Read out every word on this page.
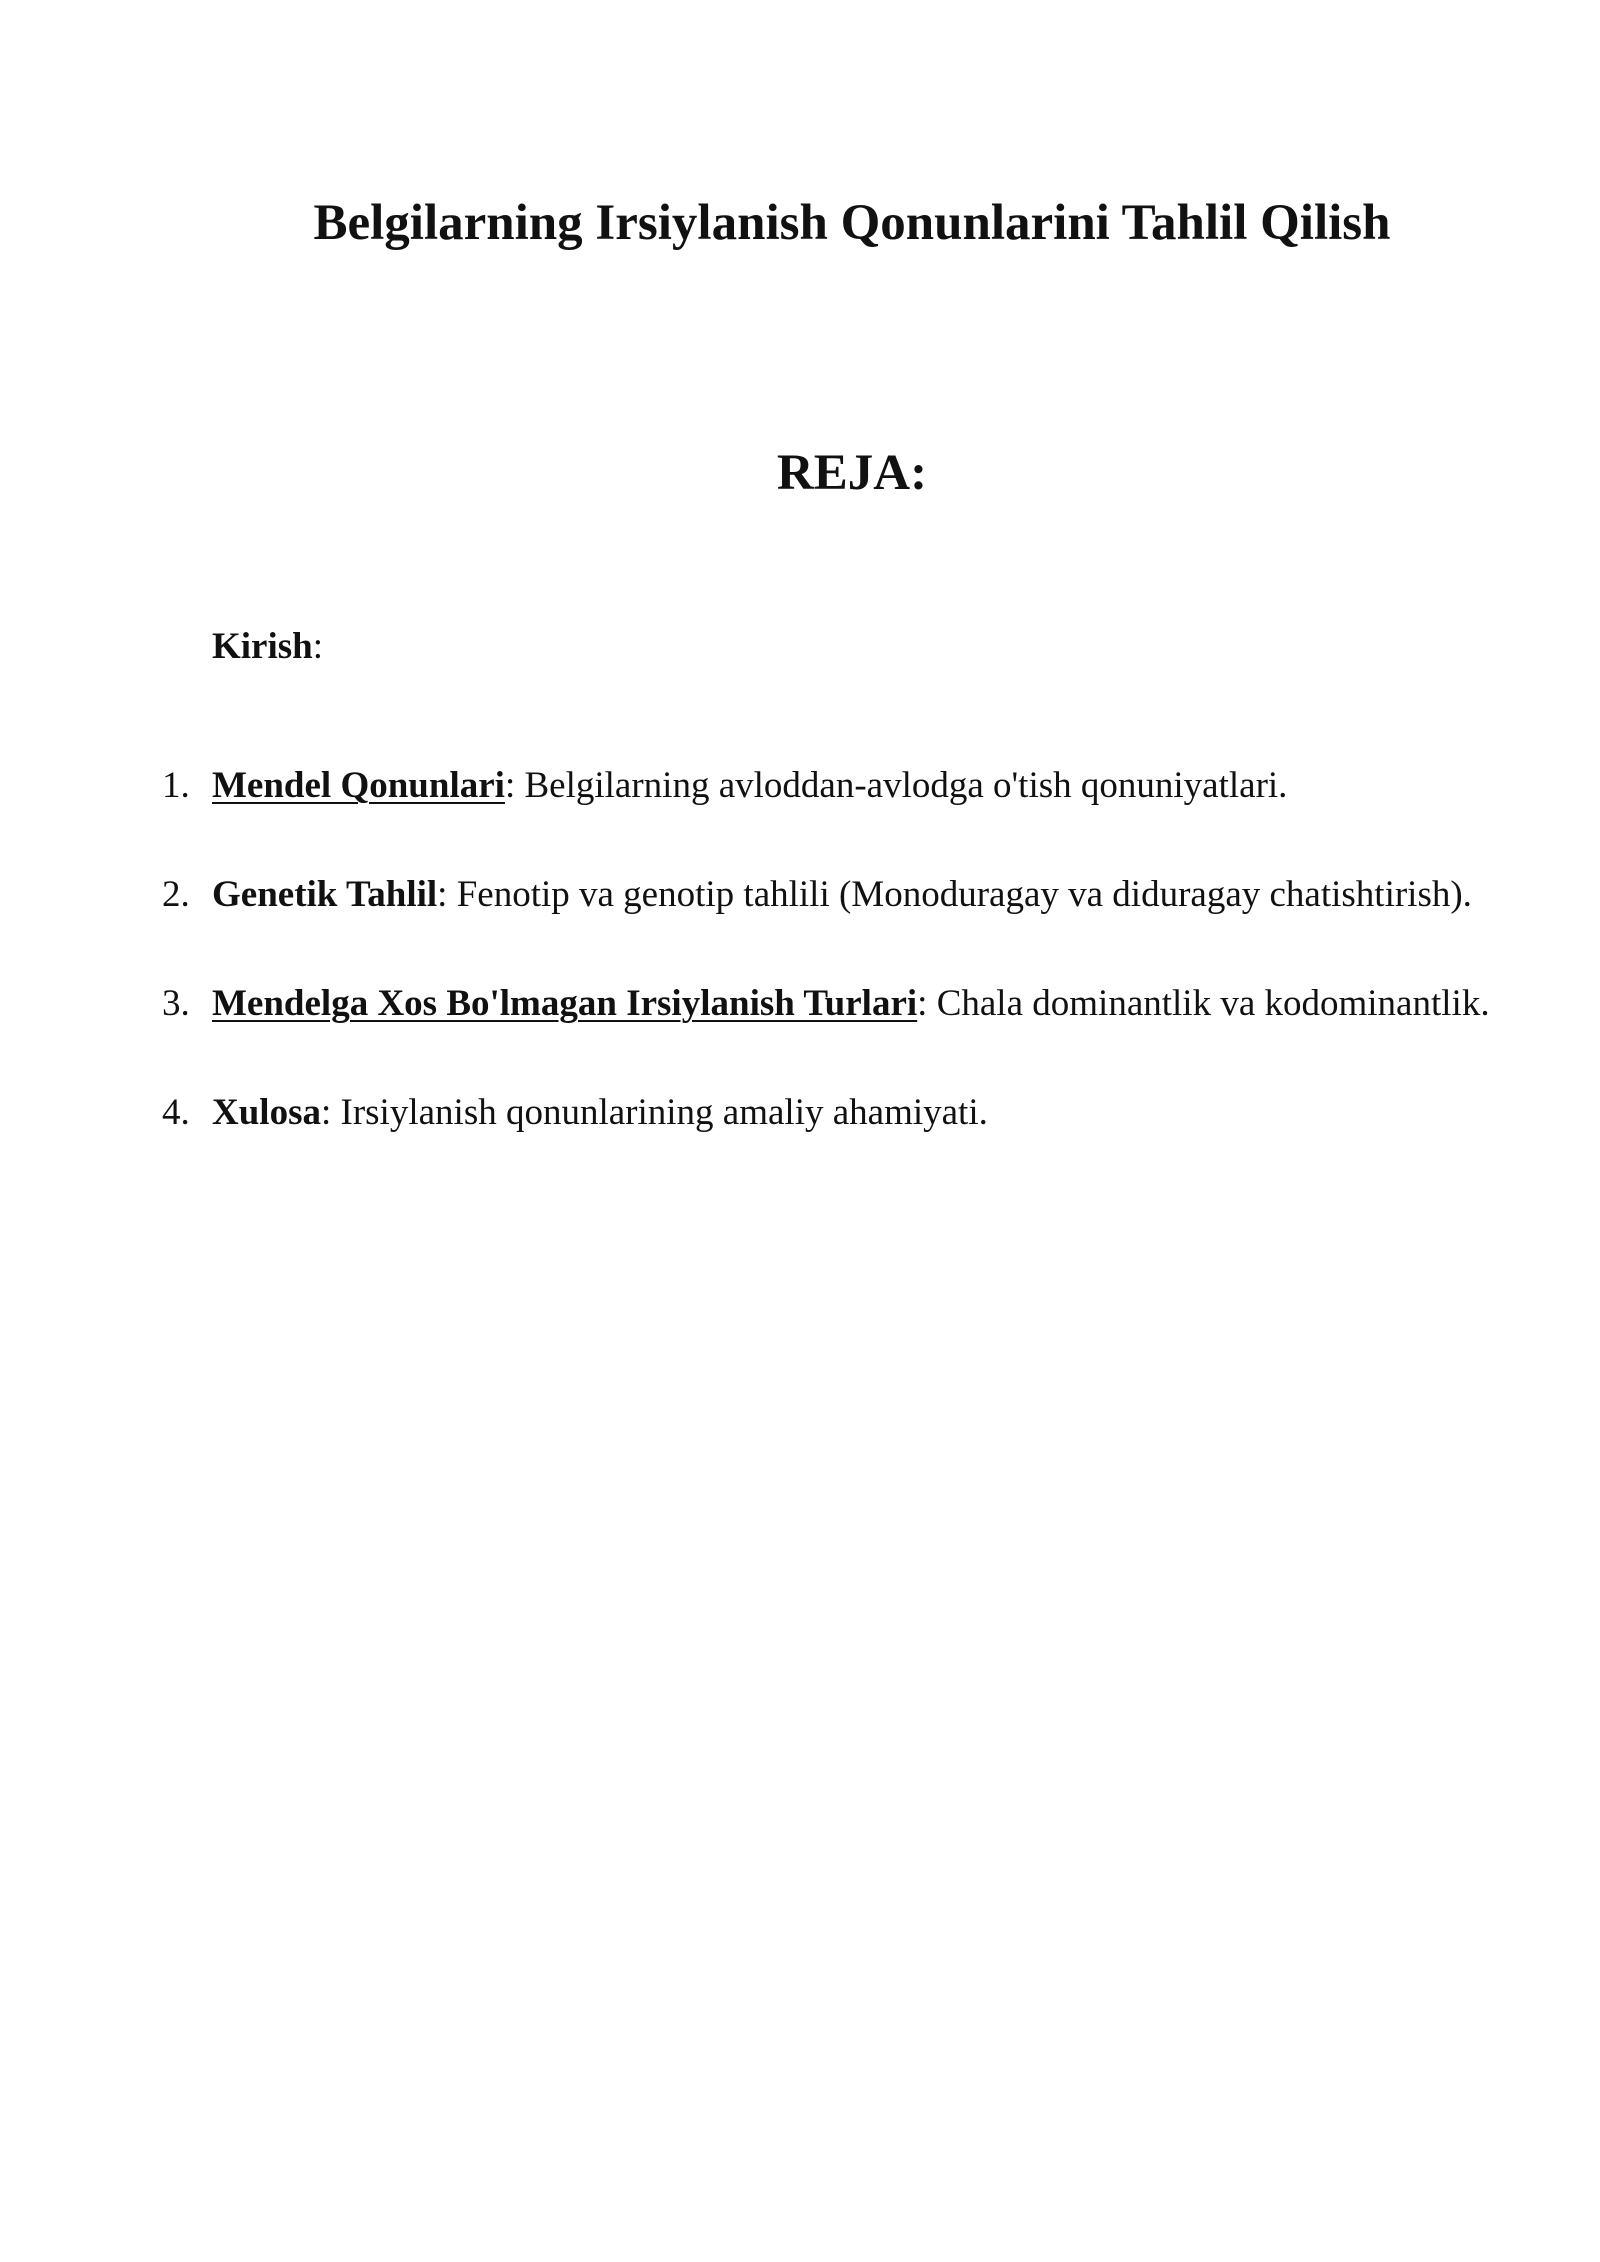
Belgilarning Irsiylanish Qonunlarini Tahlil Qilish
REJA:

Kirish:

1. Mendel Qonunlari: Belgilarning avloddan-avlodga o'tish qonuniyatlari.
2. Genetik Tahlil: Fenotip va genotip tahlili (Monoduragay va diduragay chatishtirish).
3. Mendelga Xos Bo'lmagan Irsiylanish Turlari: Chala dominantlik va kodominantlik.
4. Xulosa: Irsiylanish qonunlarining amaliy ahamiyati.
